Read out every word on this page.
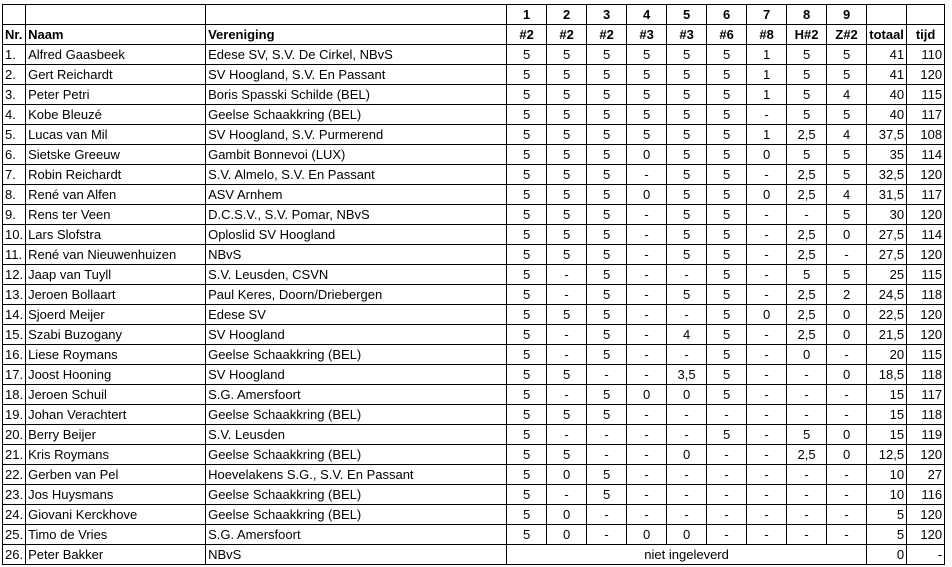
			1	2	3	4	5	6	7	8	9		
Nr.	Naam	Vereniging	#2	#2	#2	#3	#3	#6	#8	H#2	Z#2	totaal	tijd
1.	Alfred Gaasbeek	Edese SV, S.V. De Cirkel, NBvS	5	5	5	5	5	5	1	5	5	41	110
2.	Gert Reichardt	SV Hoogland, S.V. En Passant	5	5	5	5	5	5	1	5	5	41	120
3.	Peter Petri	Boris Spasski Schilde (BEL)	5	5	5	5	5	5	1	5	4	40	115
4.	Kobe Bleuzé	Geelse Schaakkring (BEL)	5	5	5	5	5	5	-	5	5	40	117
5.	Lucas van Mil	SV Hoogland, S.V. Purmerend	5	5	5	5	5	5	1	2,5	4	37,5	108
6.	Sietske Greeuw	Gambit Bonnevoi (LUX)	5	5	5	0	5	5	0	5	5	35	114
7.	Robin Reichardt	S.V. Almelo, S.V. En Passant	5	5	5	-	5	5	-	2,5	5	32,5	120
8.	René van Alfen	ASV Arnhem	5	5	5	0	5	5	0	2,5	4	31,5	117
9.	Rens ter Veen	D.C.S.V., S.V. Pomar, NBvS	5	5	5	-	5	5	-	-	5	30	120
10.	Lars Slofstra	Oploslid SV Hoogland	5	5	5	-	5	5	-	2,5	0	27,5	114
11.	René van Nieuwenhuizen	NBvS	5	5	5	-	5	5	-	2,5	-	27,5	120
12.	Jaap van Tuyll	S.V. Leusden, CSVN	5	-	5	-	-	5	-	5	5	25	115
13.	Jeroen Bollaart	Paul Keres, Doorn/Driebergen	5	-	5	-	5	5	-	2,5	2	24,5	118
14.	Sjoerd Meijer	Edese SV	5	5	5	-	-	5	0	2,5	0	22,5	120
15.	Szabi Buzogany	SV Hoogland	5	-	5	-	4	5	-	2,5	0	21,5	120
16.	Liese Roymans	Geelse Schaakkring (BEL)	5	-	5	-	-	5	-	0	-	20	115
17.	Joost Hooning	SV Hoogland	5	5	-	-	3,5	5	-	-	0	18,5	118
18.	Jeroen Schuil	S.G. Amersfoort	5	-	5	0	0	5	-	-	-	15	117
19.	Johan Verachtert	Geelse Schaakkring (BEL)	5	5	5	-	-	-	-	-	-	15	118
20.	Berry Beijer	S.V. Leusden	5	-	-	-	-	5	-	5	0	15	119
21.	Kris Roymans	Geelse Schaakkring (BEL)	5	5	-	-	0	-	-	2,5	0	12,5	120
22.	Gerben van Pel	Hoevelakens S.G., S.V. En Passant	5	0	5	-	-	-	-	-	-	10	27
23.	Jos Huysmans	Geelse Schaakkring (BEL)	5	-	5	-	-	-	-	-	-	10	116
24.	Giovani Kerckhove	Geelse Schaakkring (BEL)	5	0	-	-	-	-	-	-	-	5	120
25.	Timo de Vries	S.G. Amersfoort	5	0	-	0	0	-	-	-	-	5	120
26.	Peter Bakker	NBvS	niet ingeleverd									0	-
